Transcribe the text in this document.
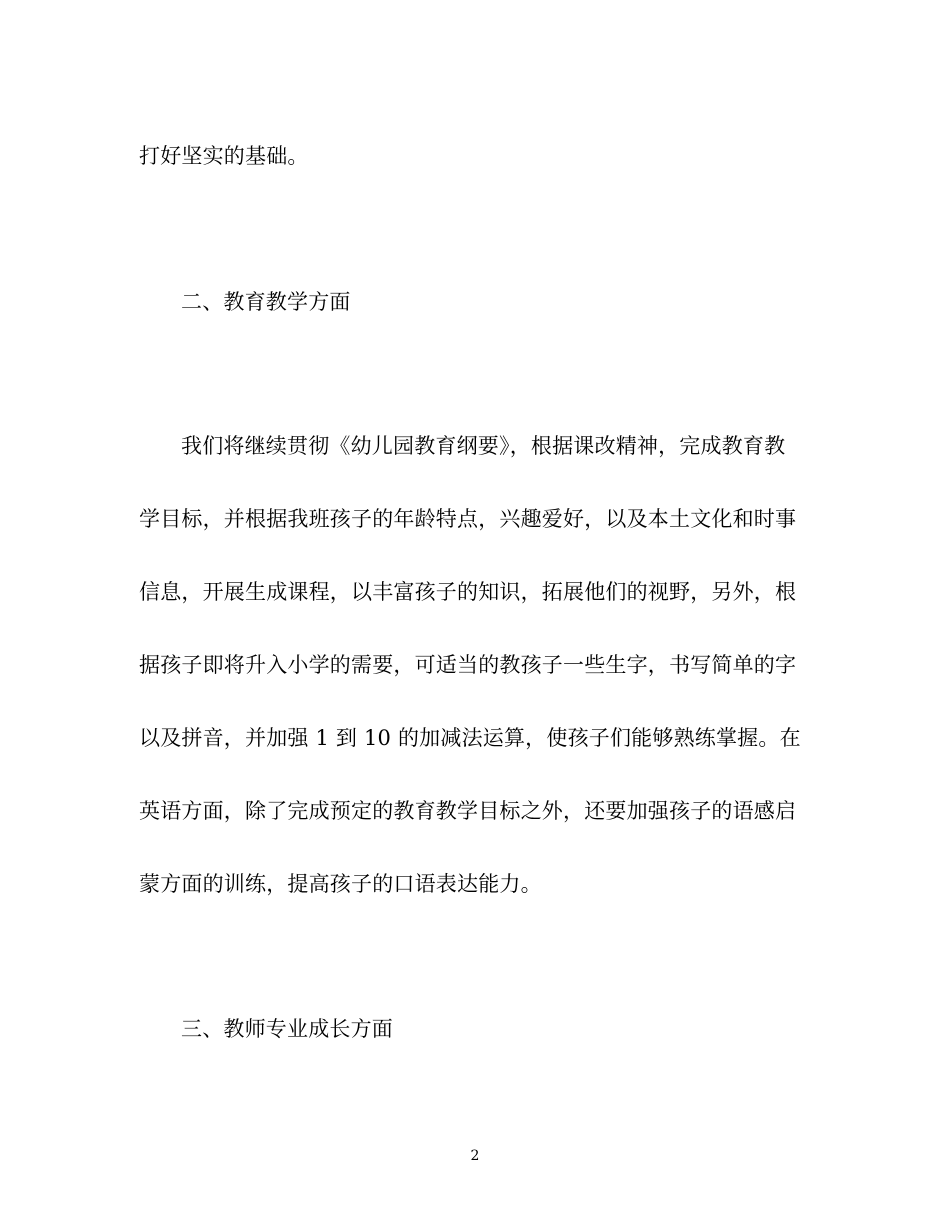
打好坚实的基础。
二、教育教学方面
我们将继续贯彻《幼儿园教育纲要》，根据课改精神，完成教育教
学目标，并根据我班孩子的年龄特点，兴趣爱好，以及本土文化和时事
信息，开展生成课程，以丰富孩子的知识，拓展他们的视野，另外，根
据孩子即将升入小学的需要，可适当的教孩子一些生字，书写简单的字
以及拼音，并加强 1 到 10 的加减法运算，使孩子们能够熟练掌握。在
英语方面，除了完成预定的教育教学目标之外，还要加强孩子的语感启
蒙方面的训练，提高孩子的口语表达能力。
三、教师专业成长方面
2
